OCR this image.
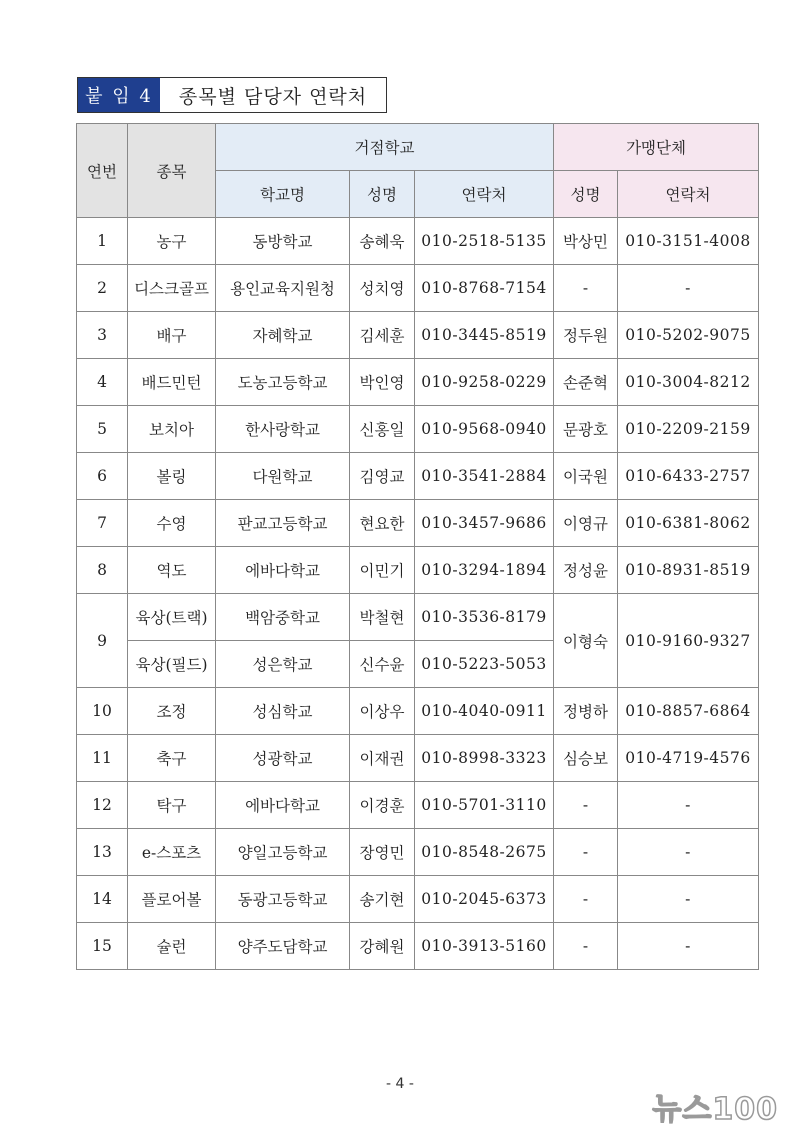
붙 임 4	종목별 담당자 연락처
연번	종목	거점학교			가맹단체	
		학교명	성명	연락처	성명	연락처
1	농구	동방학교	송혜욱	010-2518-5135	박상민	010-3151-4008
2	디스크골프	용인교육지원청	성치영	010-8768-7154	-	-
3	배구	자혜학교	김세훈	010-3445-8519	정두원	010-5202-9075
4	배드민턴	도농고등학교	박인영	010-9258-0229	손준혁	010-3004-8212
5	보치아	한사랑학교	신홍일	010-9568-0940	문광호	010-2209-2159
6	볼링	다원학교	김영교	010-3541-2884	이국원	010-6433-2757
7	수영	판교고등학교	현요한	010-3457-9686	이영규	010-6381-8062
8	역도	에바다학교	이민기	010-3294-1894	정성윤	010-8931-8519
9	육상(트랙)	백암중학교	박철현	010-3536-8179	이형숙	010-9160-9327
	육상(필드)	성은학교	신수윤	010-5223-5053		
10	조정	성심학교	이상우	010-4040-0911	정병하	010-8857-6864
11	축구	성광학교	이재권	010-8998-3323	심승보	010-4719-4576
12	탁구	에바다학교	이경훈	010-5701-3110	-	-
13	e-스포츠	양일고등학교	장영민	010-8548-2675	-	-
14	플로어볼	동광고등학교	송기현	010-2045-6373	-	-
15	슐런	양주도담학교	강혜원	010-3913-5160	-	-
- 4 -
뉴스100
